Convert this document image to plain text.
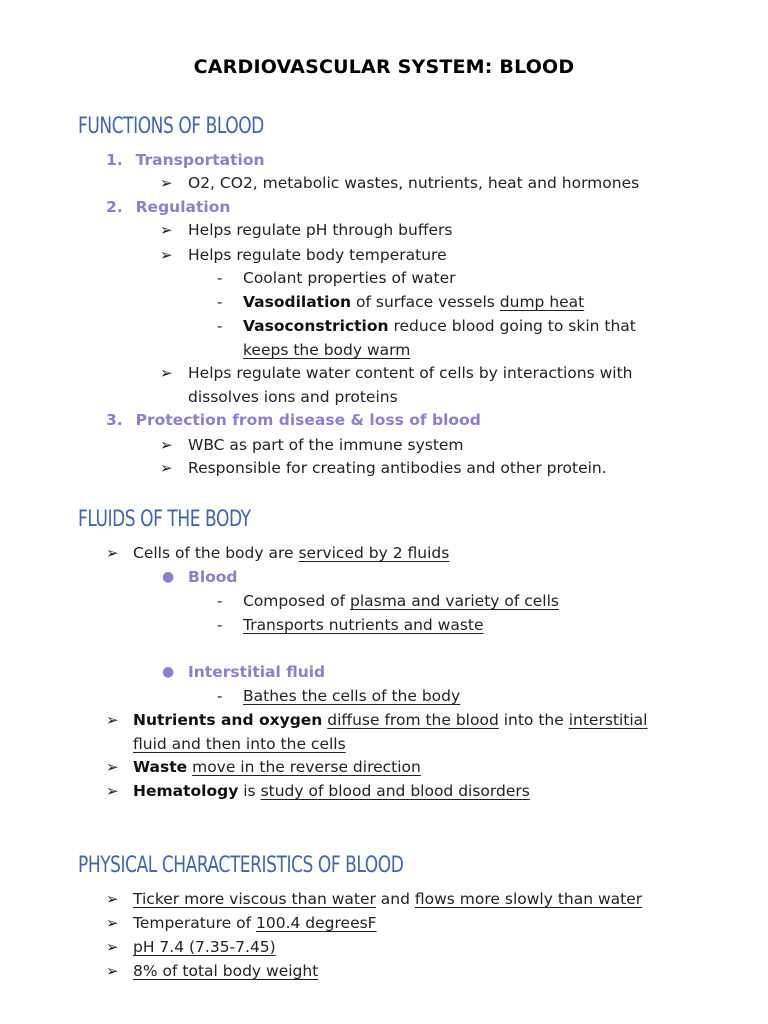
CARDIOVASCULAR SYSTEM: BLOOD
FUNCTIONS OF BLOOD
1. Transportation
➢ O2, CO2, metabolic wastes, nutrients, heat and hormones
2. Regulation
➢ Helps regulate pH through buffers
➢ Helps regulate body temperature
- Coolant properties of water
- Vasodilation of surface vessels dump heat
- Vasoconstriction reduce blood going to skin that
keeps the body warm
➢ Helps regulate water content of cells by interactions with
dissolves ions and proteins
3. Protection from disease & loss of blood
➢ WBC as part of the immune system
➢ Responsible for creating antibodies and other protein.
FLUIDS OF THE BODY
➢ Cells of the body are serviced by 2 fluids
● Blood
- Composed of plasma and variety of cells
- Transports nutrients and waste
● Interstitial fluid
- Bathes the cells of the body
➢ Nutrients and oxygen diffuse from the blood into the interstitial
fluid and then into the cells
➢ Waste move in the reverse direction
➢ Hematology is study of blood and blood disorders
PHYSICAL CHARACTERISTICS OF BLOOD
➢ Ticker more viscous than water and flows more slowly than water
➢ Temperature of 100.4 degreesF
➢ pH 7.4 (7.35-7.45)
➢ 8% of total body weight
